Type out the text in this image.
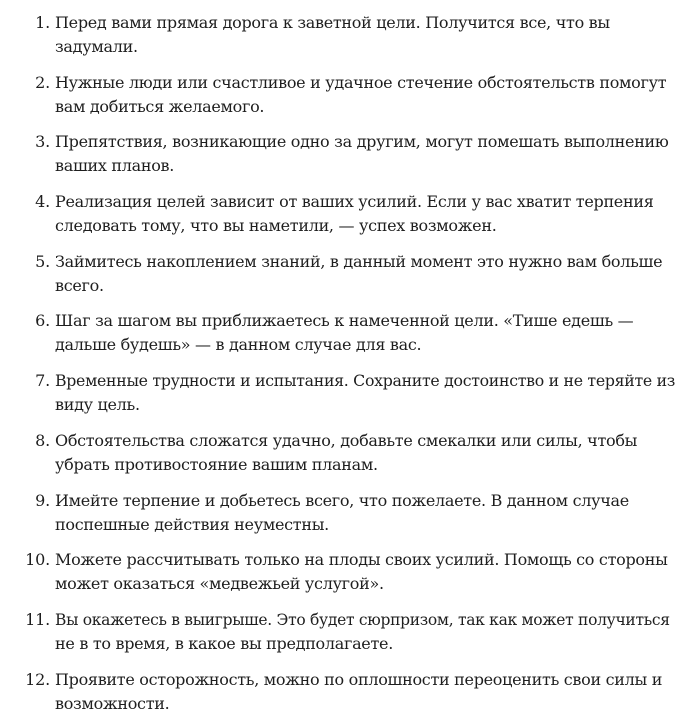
1. Перед вами прямая дорога к заветной цели. Получится все, что вы
задумали.
2. Нужные люди или счастливое и удачное стечение обстоятельств помогут
вам добиться желаемого.
3. Препятствия, возникающие одно за другим, могут помешать выполнению
ваших планов.
4. Реализация целей зависит от ваших усилий. Если у вас хватит терпения
следовать тому, что вы наметили, — успех возможен.
5. Займитесь накоплением знаний, в данный момент это нужно вам больше
всего.
6. Шаг за шагом вы приближаетесь к намеченной цели. «Тише едешь —
дальше будешь» — в данном случае для вас.
7. Временные трудности и испытания. Сохраните достоинство и не теряйте из
виду цель.
8. Обстоятельства сложатся удачно, добавьте смекалки или силы, чтобы
убрать противостояние вашим планам.
9. Имейте терпение и добьетесь всего, что пожелаете. В данном случае
поспешные действия неуместны.
10. Можете рассчитывать только на плоды своих усилий. Помощь со стороны
может оказаться «медвежьей услугой».
11. Вы окажетесь в выигрыше. Это будет сюрпризом, так как может получиться
не в то время, в какое вы предполагаете.
12. Проявите осторожность, можно по оплошности переоценить свои силы и
возможности.
